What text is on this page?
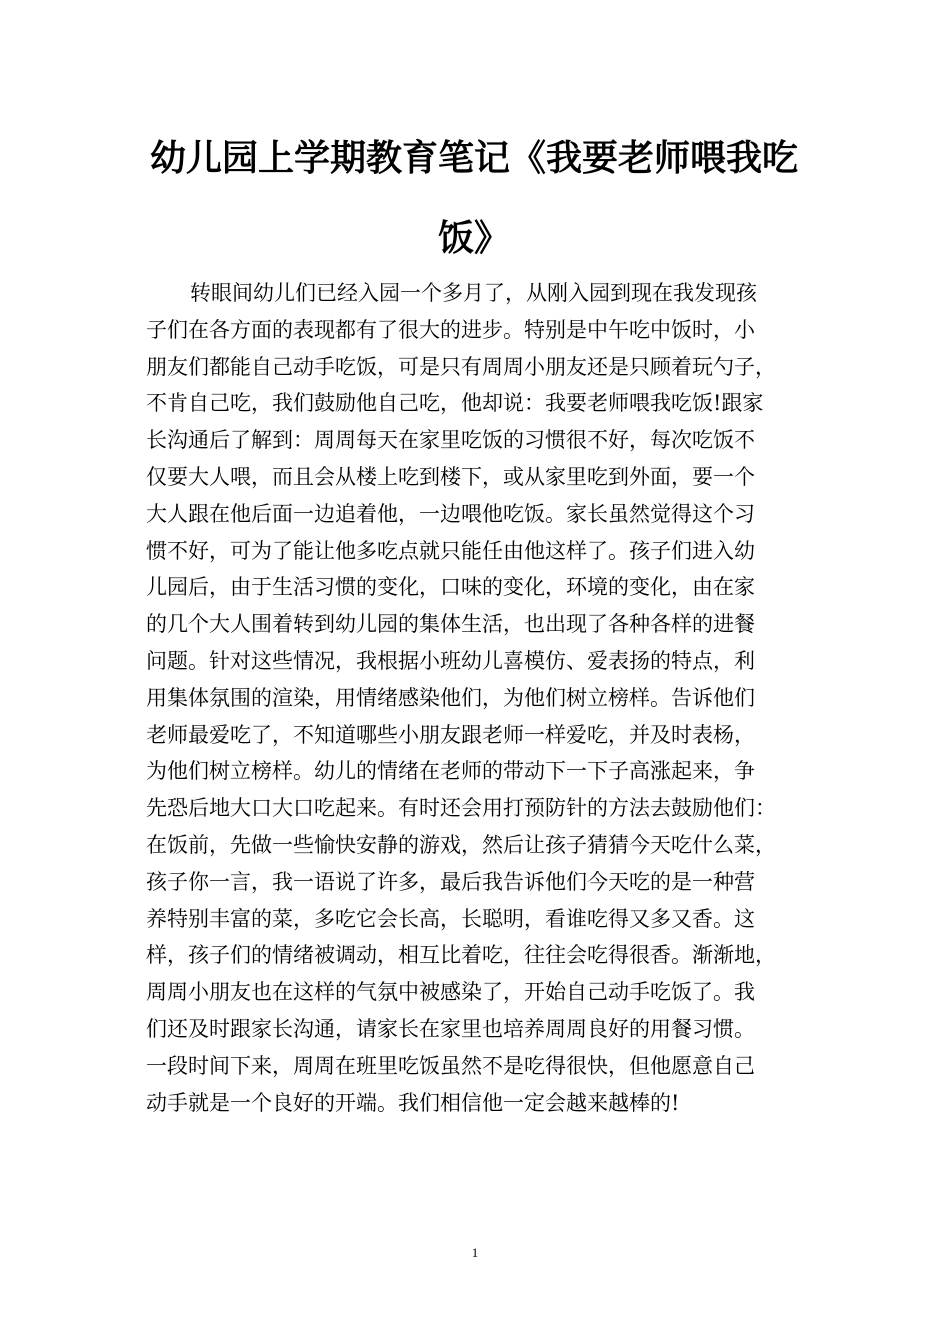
幼儿园上学期教育笔记《我要老师喂我吃
饭》
转眼间幼儿们已经入园一个多月了，从刚入园到现在我发现孩
子们在各方面的表现都有了很大的进步。特别是中午吃中饭时，小
朋友们都能自己动手吃饭，可是只有周周小朋友还是只顾着玩勺子，
不肯自己吃，我们鼓励他自己吃，他却说：我要老师喂我吃饭!跟家
长沟通后了解到：周周每天在家里吃饭的习惯很不好，每次吃饭不
仅要大人喂，而且会从楼上吃到楼下，或从家里吃到外面，要一个
大人跟在他后面一边追着他，一边喂他吃饭。家长虽然觉得这个习
惯不好，可为了能让他多吃点就只能任由他这样了。孩子们进入幼
儿园后，由于生活习惯的变化，口味的变化，环境的变化，由在家
的几个大人围着转到幼儿园的集体生活，也出现了各种各样的进餐
问题。针对这些情况，我根据小班幼儿喜模仿、爱表扬的特点，利
用集体氛围的渲染，用情绪感染他们，为他们树立榜样。告诉他们
老师最爱吃了，不知道哪些小朋友跟老师一样爱吃，并及时表杨，
为他们树立榜样。幼儿的情绪在老师的带动下一下子高涨起来，争
先恐后地大口大口吃起来。有时还会用打预防针的方法去鼓励他们：
在饭前，先做一些愉快安静的游戏，然后让孩子猜猜今天吃什么菜，
孩子你一言，我一语说了许多，最后我告诉他们今天吃的是一种营
养特别丰富的菜，多吃它会长高，长聪明，看谁吃得又多又香。这
样，孩子们的情绪被调动，相互比着吃，往往会吃得很香。渐渐地，
周周小朋友也在这样的气氛中被感染了，开始自己动手吃饭了。我
们还及时跟家长沟通，请家长在家里也培养周周良好的用餐习惯。
一段时间下来，周周在班里吃饭虽然不是吃得很快，但他愿意自己
动手就是一个良好的开端。我们相信他一定会越来越棒的!
1
